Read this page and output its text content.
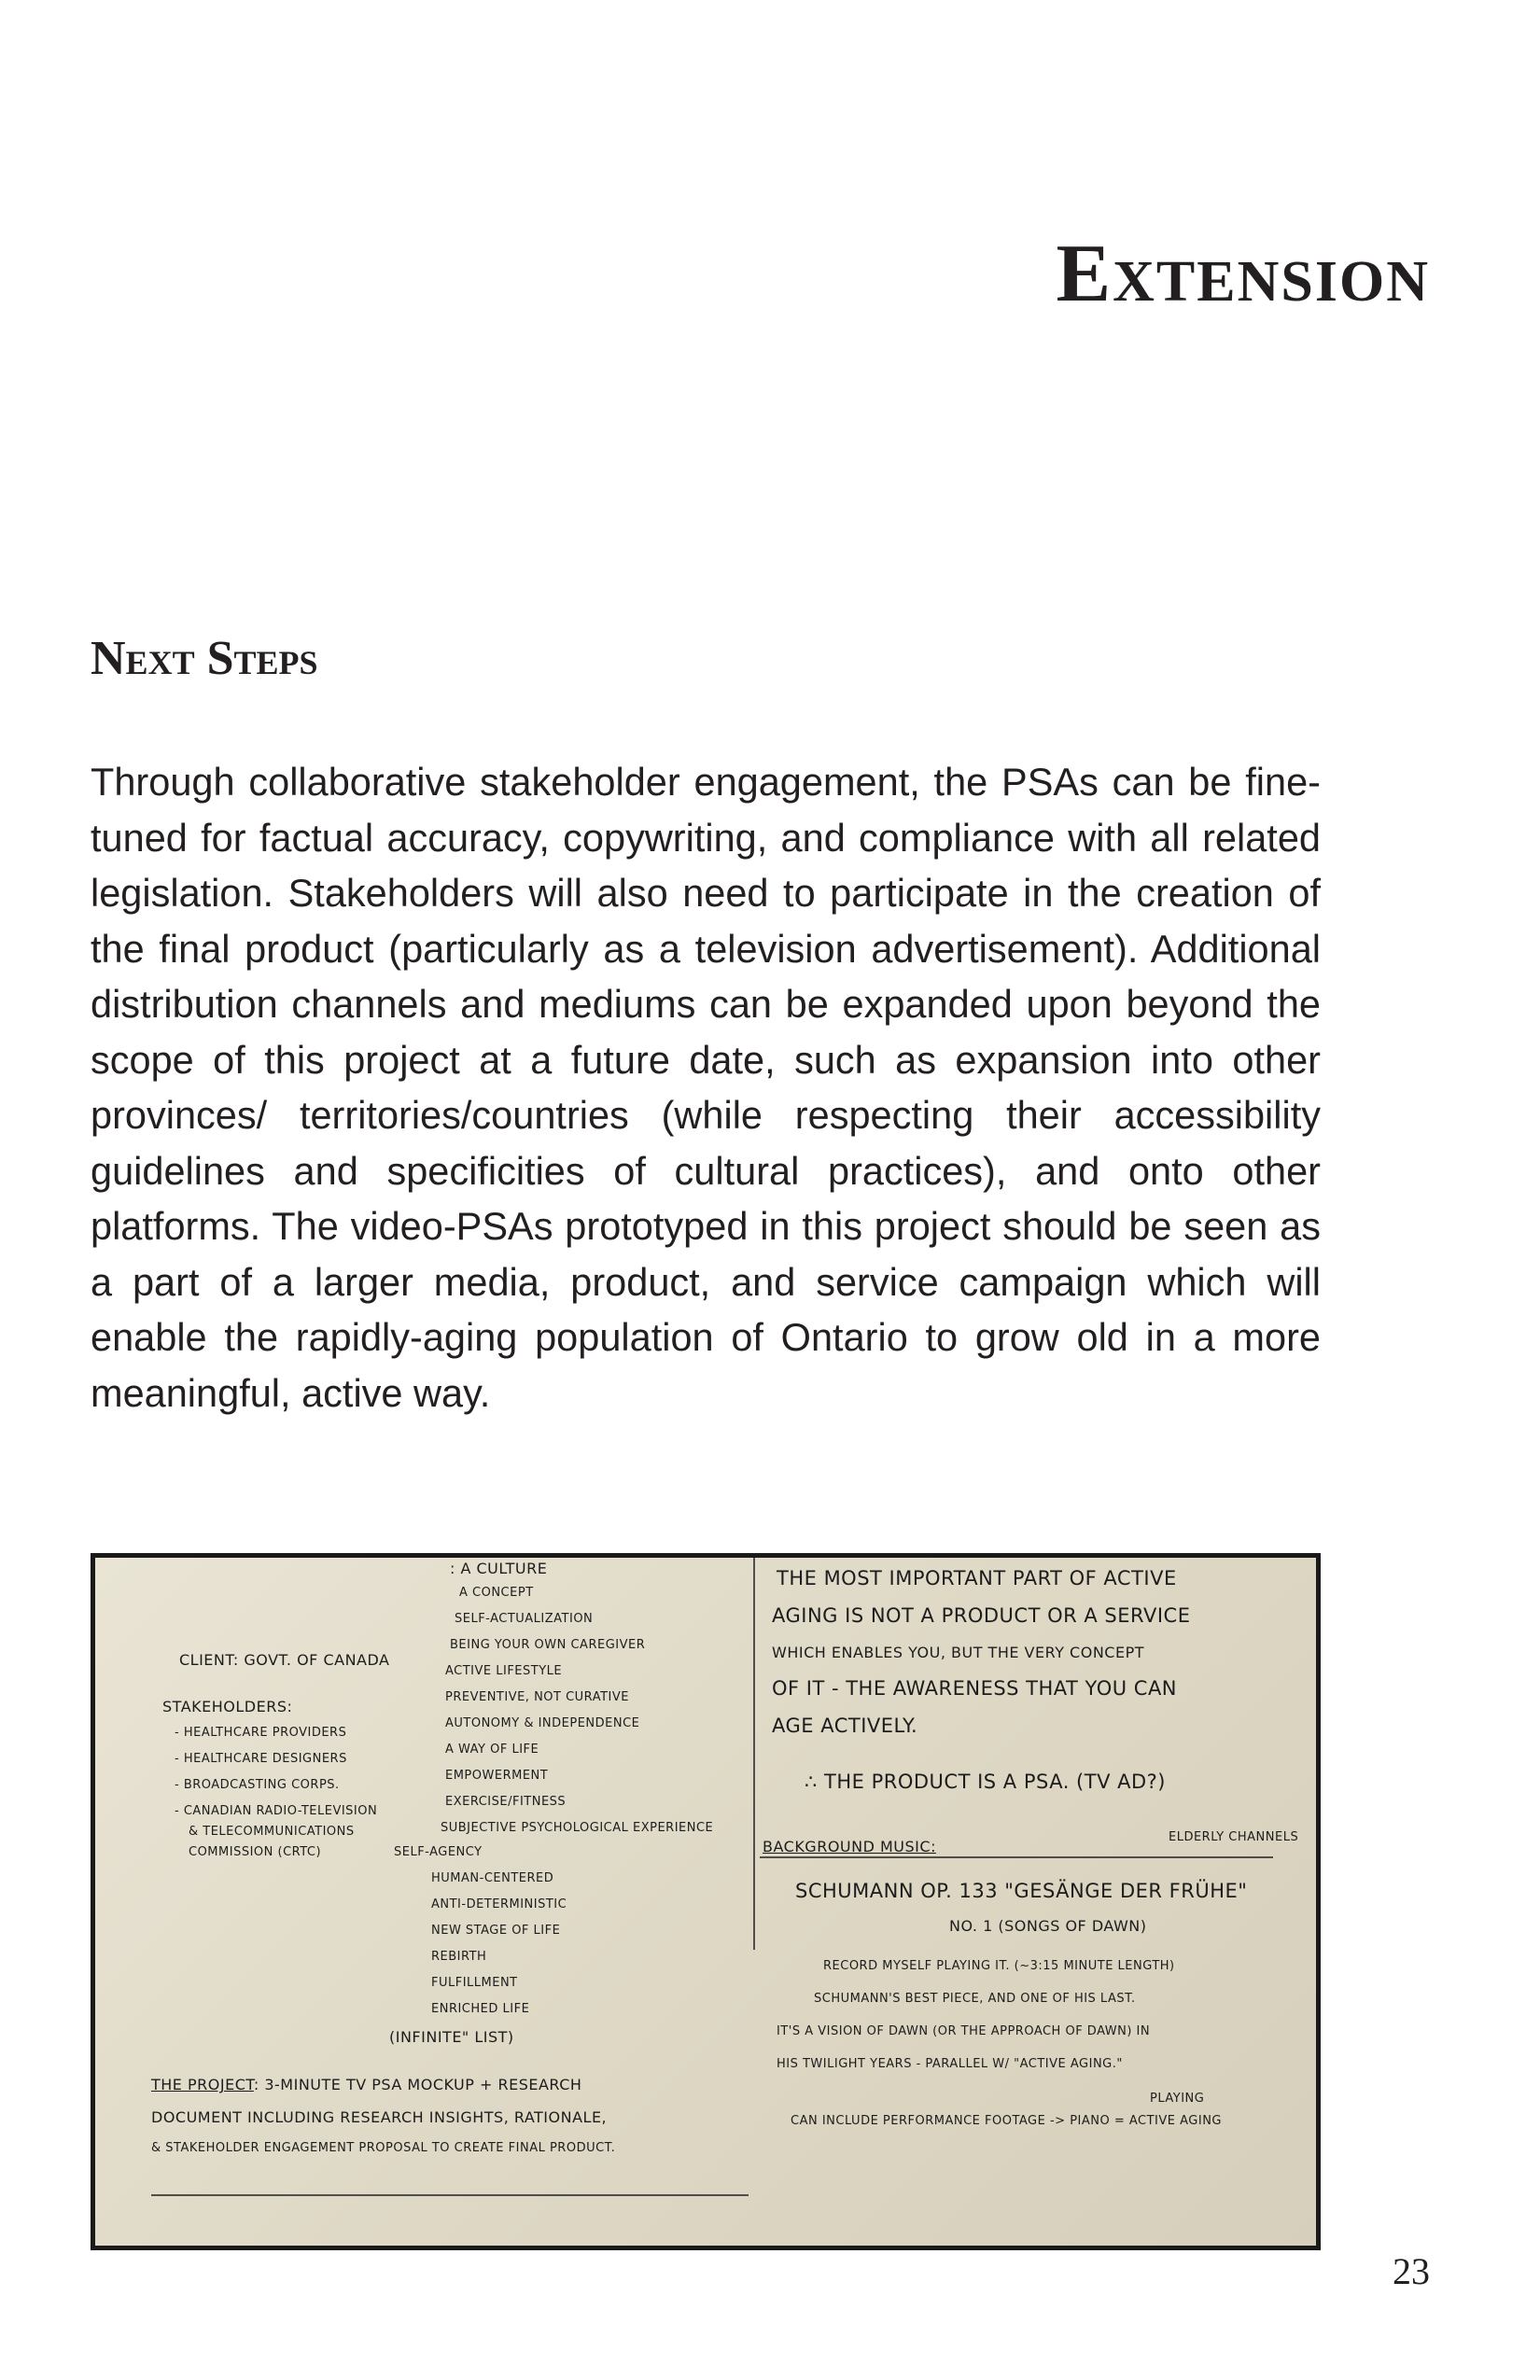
Extension
Next Steps

Through collaborative stakeholder engagement, the PSAs can be fine-tuned for factual accuracy, copywriting, and compliance with all related legislation. Stakeholders will also need to participate in the creation of the final product (particularly as a television advertisement). Additional distribution channels and mediums can be expanded upon beyond the scope of this project at a future date, such as expansion into other provinces/ territories/countries (while respecting their accessibility guidelines and specificities of cultural practices), and onto other platforms. The video-PSAs prototyped in this project should be seen as a part of a larger media, product, and service campaign which will enable the rapidly-aging population of Ontario to grow old in a more meaningful, active way.

: A CULTURE
CLIENT: GOVT. OF CANADA
STAKEHOLDERS:
- HEALTHCARE PROVIDERS
- HEALTHCARE DESIGNERS
- BROADCASTING CORPS.
- CANADIAN RADIO-TELEVISION
& TELECOMMUNICATIONS
COMMISSION (CRTC)
A CONCEPT
SELF-ACTUALIZATION
BEING YOUR OWN CAREGIVER
ACTIVE LIFESTYLE
PREVENTIVE, NOT CURATIVE
AUTONOMY & INDEPENDENCE
A WAY OF LIFE
EMPOWERMENT
EXERCISE/FITNESS
SUBJECTIVE PSYCHOLOGICAL EXPERIENCE
SELF-AGENCY
HUMAN-CENTERED
ANTI-DETERMINISTIC
NEW STAGE OF LIFE
REBIRTH
FULFILLMENT
ENRICHED LIFE
(INFINITE" LIST)
THE PROJECT: 3-MINUTE TV PSA MOCKUP + RESEARCH
DOCUMENT INCLUDING RESEARCH INSIGHTS, RATIONALE,
& STAKEHOLDER ENGAGEMENT PROPOSAL TO CREATE FINAL PRODUCT.
THE MOST IMPORTANT PART OF ACTIVE
AGING IS NOT A PRODUCT OR A SERVICE
WHICH ENABLES YOU, BUT THE VERY CONCEPT
OF IT - THE AWARENESS THAT YOU CAN
AGE ACTIVELY.
∴ THE PRODUCT IS A PSA. (TV AD?)
ELDERLY CHANNELS
BACKGROUND MUSIC:
SCHUMANN OP. 133 "GESÄNGE DER FRÜHE"
NO. 1 (SONGS OF DAWN)
RECORD MYSELF PLAYING IT. (~3:15 MINUTE LENGTH)
SCHUMANN'S BEST PIECE, AND ONE OF HIS LAST.
IT'S A VISION OF DAWN (OR THE APPROACH OF DAWN) IN
HIS TWILIGHT YEARS - PARALLEL W/ "ACTIVE AGING."
PLAYING
CAN INCLUDE PERFORMANCE FOOTAGE -> PIANO = ACTIVE AGING
23
